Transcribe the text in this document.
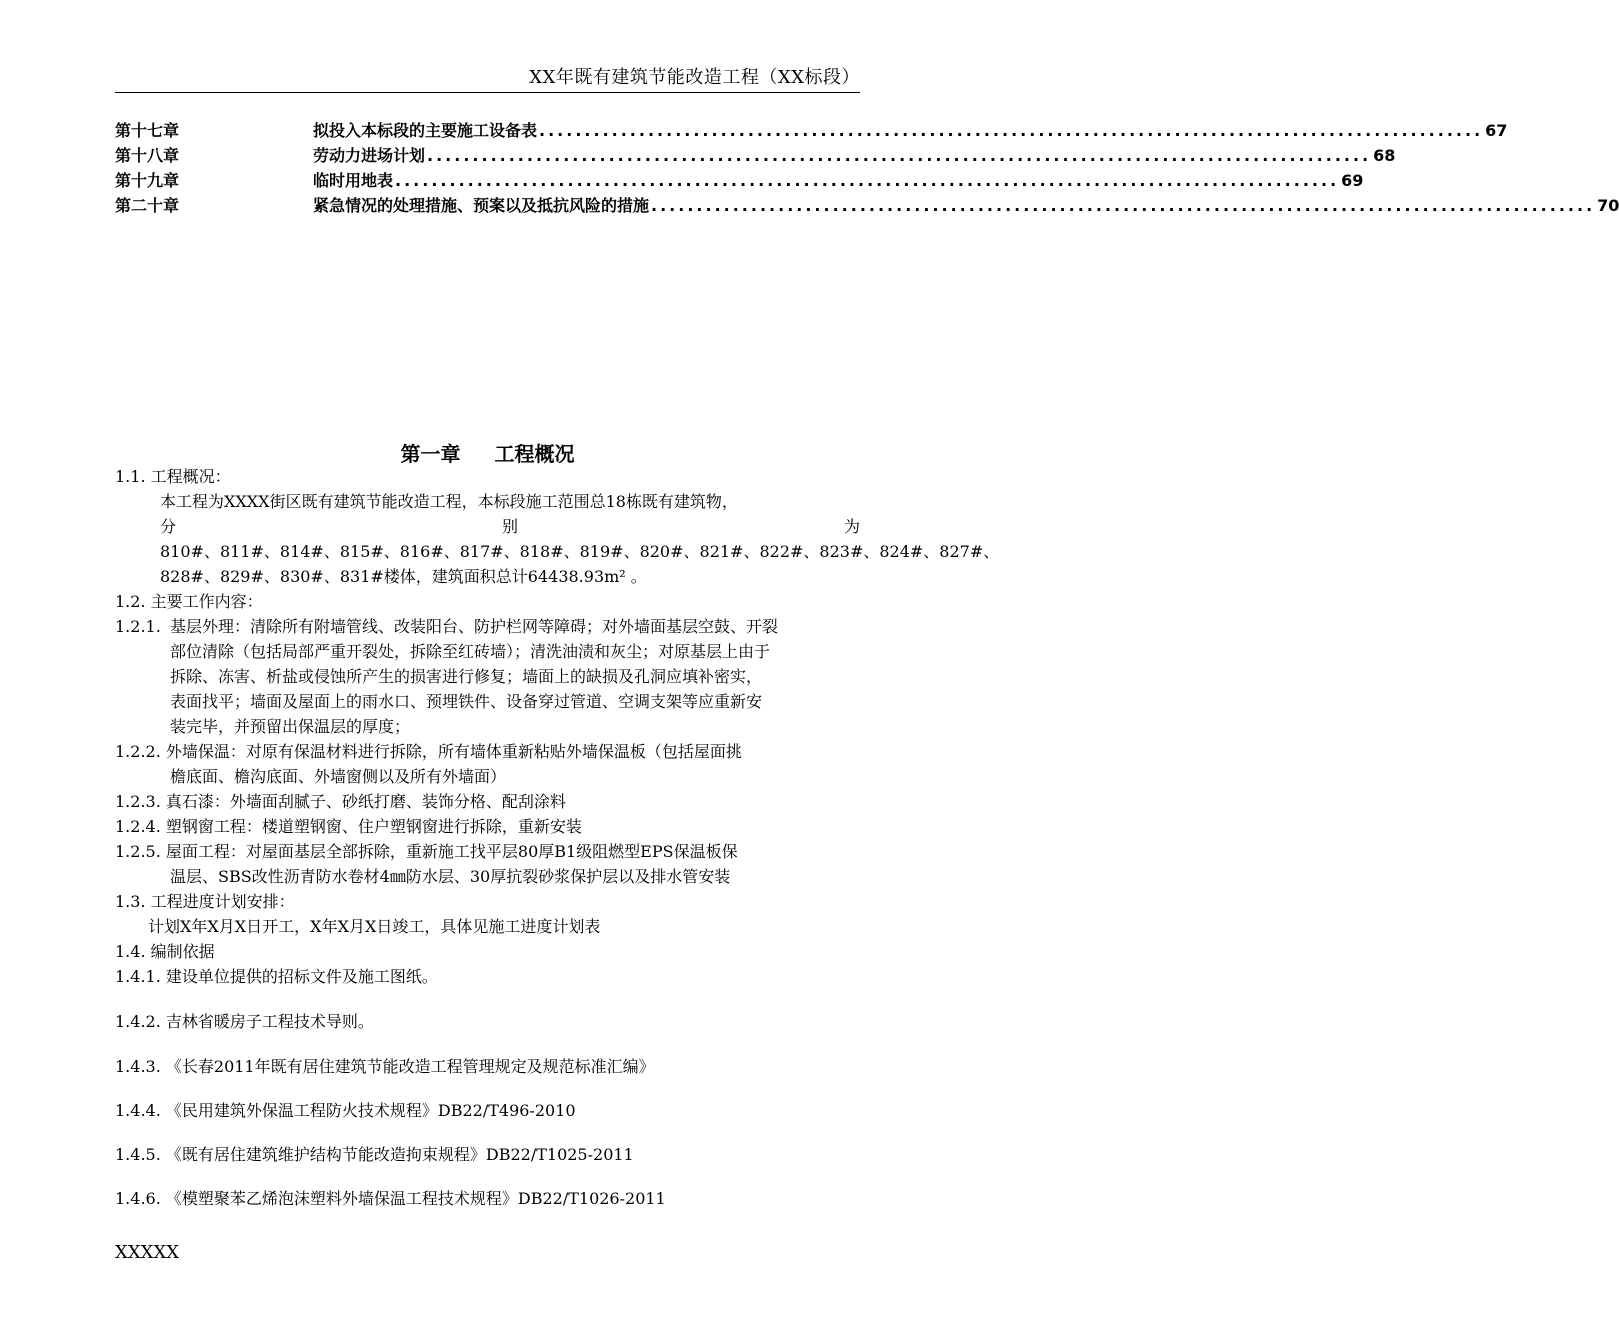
XX年既有建筑节能改造工程（XX标段）
第十七章	拟投入本标段的主要施工设备表 ........................................................................................................ 67
第十八章	劳动力进场计划 ........................................................................................................ 68
第十九章	临时用地表 ........................................................................................................ 69
第二十章	紧急情况的处理措施、预案以及抵抗风险的措施 ........................................................................................................ 70
第一章 工程概况
1.1. 工程概况：
本工程为XXXX街区既有建筑节能改造工程，本标段施工范围总18栋既有建筑物，
分	别	为
810#、811#、814#、815#、816#、817#、818#、819#、820#、821#、822#、823#、824#、827#、
828#、829#、830#、831#楼体，建筑面积总计64438.93m² 。
1.2. 主要工作内容：
1.2.1. 基层外理：清除所有附墙管线、改装阳台、防护栏网等障碍；对外墙面基层空鼓、开裂
部位清除（包括局部严重开裂处，拆除至红砖墙）；清洗油渍和灰尘；对原基层上由于
拆除、冻害、析盐或侵蚀所产生的损害进行修复；墙面上的缺损及孔洞应填补密实，
表面找平；墙面及屋面上的雨水口、预埋铁件、设备穿过管道、空调支架等应重新安
装完毕，并预留出保温层的厚度；
1.2.2. 外墙保温：对原有保温材料进行拆除，所有墙体重新粘贴外墙保温板（包括屋面挑
檐底面、檐沟底面、外墙窗侧以及所有外墙面）
1.2.3. 真石漆：外墙面刮腻子、砂纸打磨、装饰分格、配刮涂料
1.2.4. 塑钢窗工程：楼道塑钢窗、住户塑钢窗进行拆除，重新安装
1.2.5. 屋面工程：对屋面基层全部拆除，重新施工找平层80厚B1级阻燃型EPS保温板保
温层、SBS改性沥青防水卷材4㎜防水层、30厚抗裂砂浆保护层以及排水管安装
1.3. 工程进度计划安排：
计划X年X月X日开工，X年X月X日竣工，具体见施工进度计划表
1.4. 编制依据
1.4.1. 建设单位提供的招标文件及施工图纸。
1.4.2. 吉林省暖房子工程技术导则。
1.4.3. 《长春2011年既有居住建筑节能改造工程管理规定及规范标准汇编》
1.4.4. 《民用建筑外保温工程防火技术规程》DB22/T496-2010
1.4.5. 《既有居住建筑维护结构节能改造拘束规程》DB22/T1025-2011
1.4.6. 《模塑聚苯乙烯泡沫塑料外墙保温工程技术规程》DB22/T1026-2011
XXXXX
